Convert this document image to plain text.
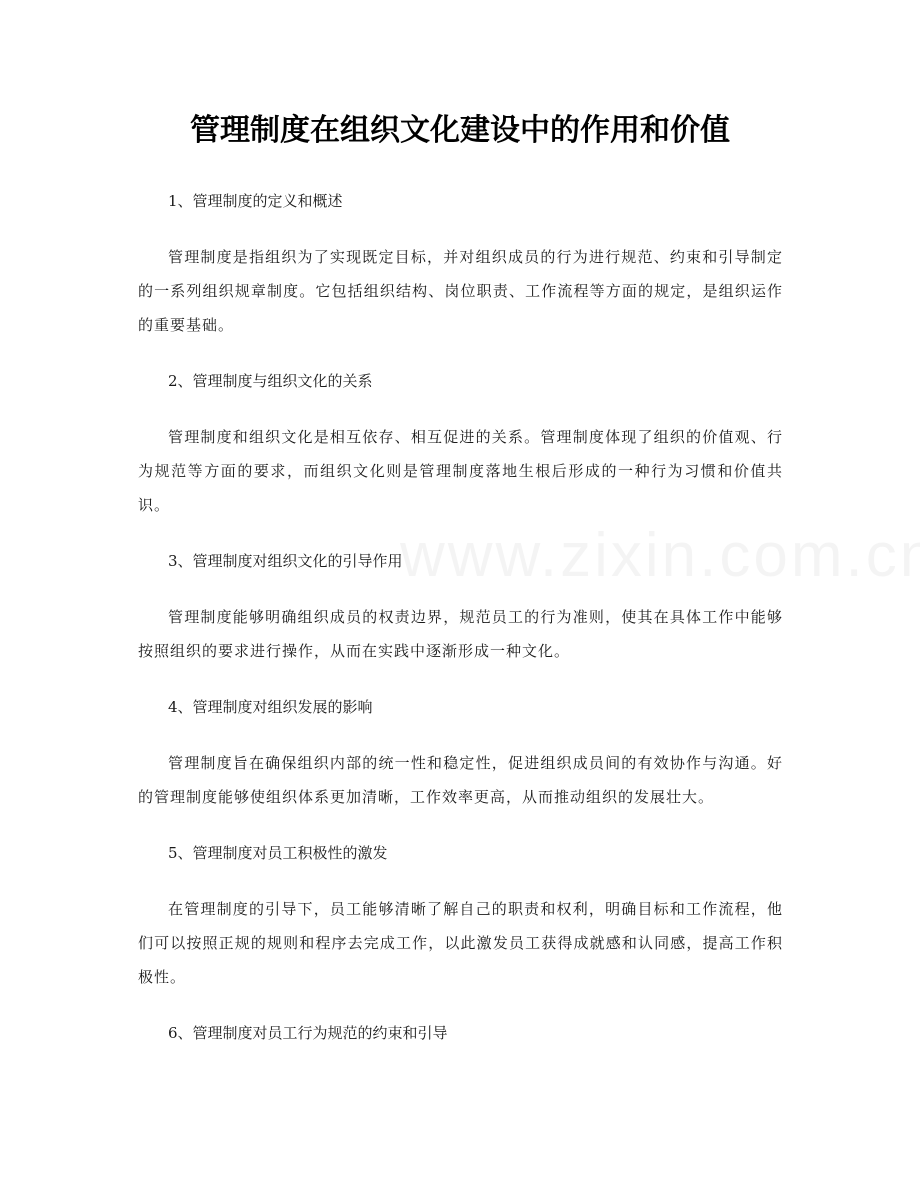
管理制度在组织文化建设中的作用和价值

1、管理制度的定义和概述

管理制度是指组织为了实现既定目标，并对组织成员的行为进行规范、约束和引导制定的一系列组织规章制度。它包括组织结构、岗位职责、工作流程等方面的规定，是组织运作的重要基础。

2、管理制度与组织文化的关系

管理制度和组织文化是相互依存、相互促进的关系。管理制度体现了组织的价值观、行为规范等方面的要求，而组织文化则是管理制度落地生根后形成的一种行为习惯和价值共识。

3、管理制度对组织文化的引导作用

管理制度能够明确组织成员的权责边界，规范员工的行为准则，使其在具体工作中能够按照组织的要求进行操作，从而在实践中逐渐形成一种文化。

4、管理制度对组织发展的影响

管理制度旨在确保组织内部的统一性和稳定性，促进组织成员间的有效协作与沟通。好的管理制度能够使组织体系更加清晰，工作效率更高，从而推动组织的发展壮大。

5、管理制度对员工积极性的激发

在管理制度的引导下，员工能够清晰了解自己的职责和权利，明确目标和工作流程，他们可以按照正规的规则和程序去完成工作，以此激发员工获得成就感和认同感，提高工作积极性。

6、管理制度对员工行为规范的约束和引导
